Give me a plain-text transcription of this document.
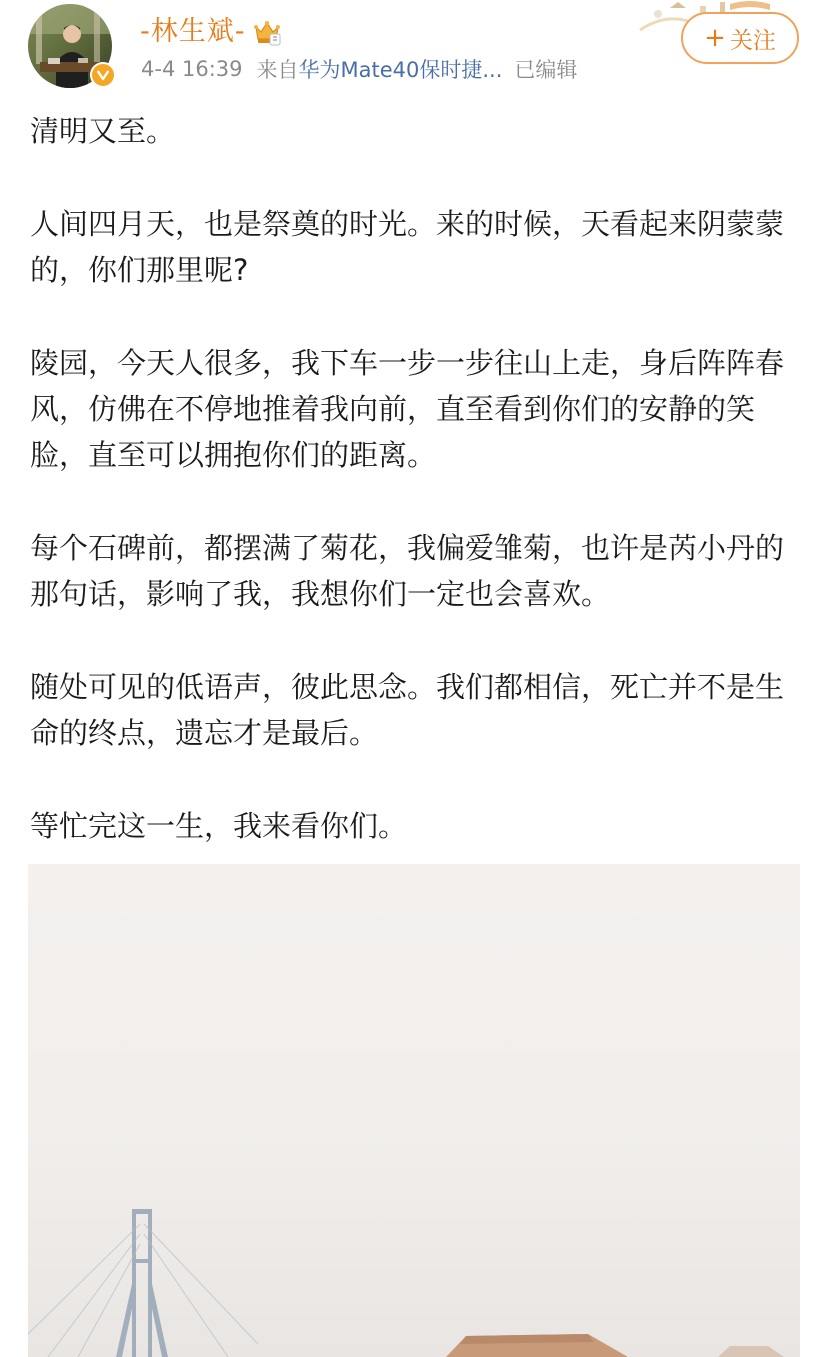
-林生斌-
4-4 16:39 来自 华为Mate40保时捷... 已编辑
+ 关注

清明又至。

人间四月天，也是祭奠的时光。来的时候，天看起来阴蒙蒙的，你们那里呢?

陵园，今天人很多，我下车一步一步往山上走，身后阵阵春风，仿佛在不停地推着我向前，直至看到你们的安静的笑脸，直至可以拥抱你们的距离。

每个石碑前，都摆满了菊花，我偏爱雏菊，也许是芮小丹的那句话，影响了我，我想你们一定也会喜欢。

随处可见的低语声，彼此思念。我们都相信，死亡并不是生命的终点，遗忘才是最后。

等忙完这一生，我来看你们。
